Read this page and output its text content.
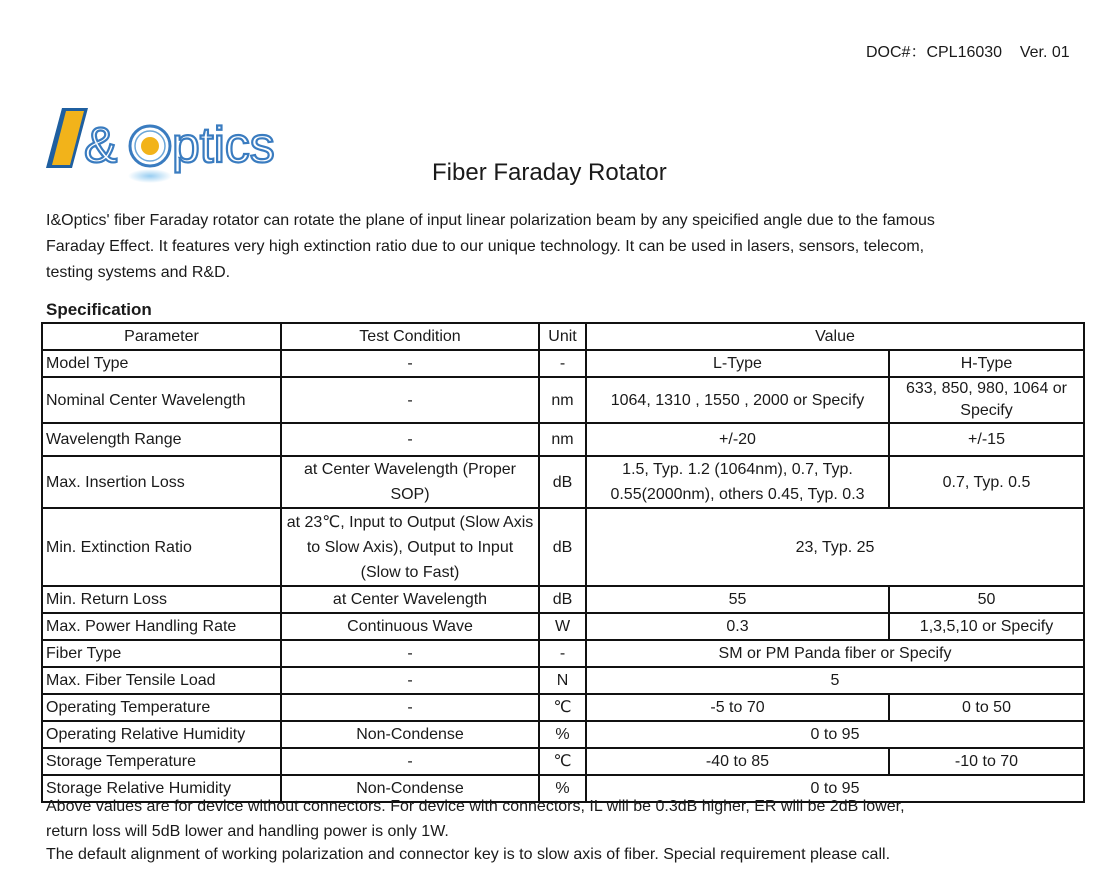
DOC#：CPL16030 Ver. 01
& ptics	Fiber Faraday Rotator
I&Optics' fiber Faraday rotator can rotate the plane of input linear polarization beam by any speicified angle due to the famous
Faraday Effect. It features very high extinction ratio due to our unique technology. It can be used in lasers, sensors, telecom,
testing systems and R&D.
Specification
Parameter	Test Condition	Unit	Value	
Model Type	-	-	L-Type	H-Type
Nominal Center Wavelength	-	nm	1064, 1310 , 1550 , 2000 or Specify	633, 850, 980, 1064 or Specify
Wavelength Range	-	nm	+/-20	+/-15
Max. Insertion Loss	at Center Wavelength (Proper SOP)	dB	1.5, Typ. 1.2 (1064nm), 0.7, Typ. 0.55(2000nm), others 0.45, Typ. 0.3	0.7, Typ. 0.5
Min. Extinction Ratio	at 23℃, Input to Output (Slow Axis to Slow Axis), Output to Input (Slow to Fast)	dB	23, Typ. 25	
Min. Return Loss	at Center Wavelength	dB	55	50
Max. Power Handling Rate	Continuous Wave	W	0.3	1,3,5,10 or Specify
Fiber Type	-	-	SM or PM Panda fiber or Specify	
Max. Fiber Tensile Load	-	N	5	
Operating Temperature	-	℃	-5 to 70	0 to 50
Operating Relative Humidity	Non-Condense	%	0 to 95	
Storage Temperature	-	℃	-40 to 85	-10 to 70
Storage Relative Humidity	Non-Condense	%	0 to 95	
Above values are for device without connectors. For device with connectors, IL will be 0.3dB higher, ER will be 2dB lower,
return loss will 5dB lower and handling power is only 1W.
The default alignment of working polarization and connector key is to slow axis of fiber. Special requirement please call.
